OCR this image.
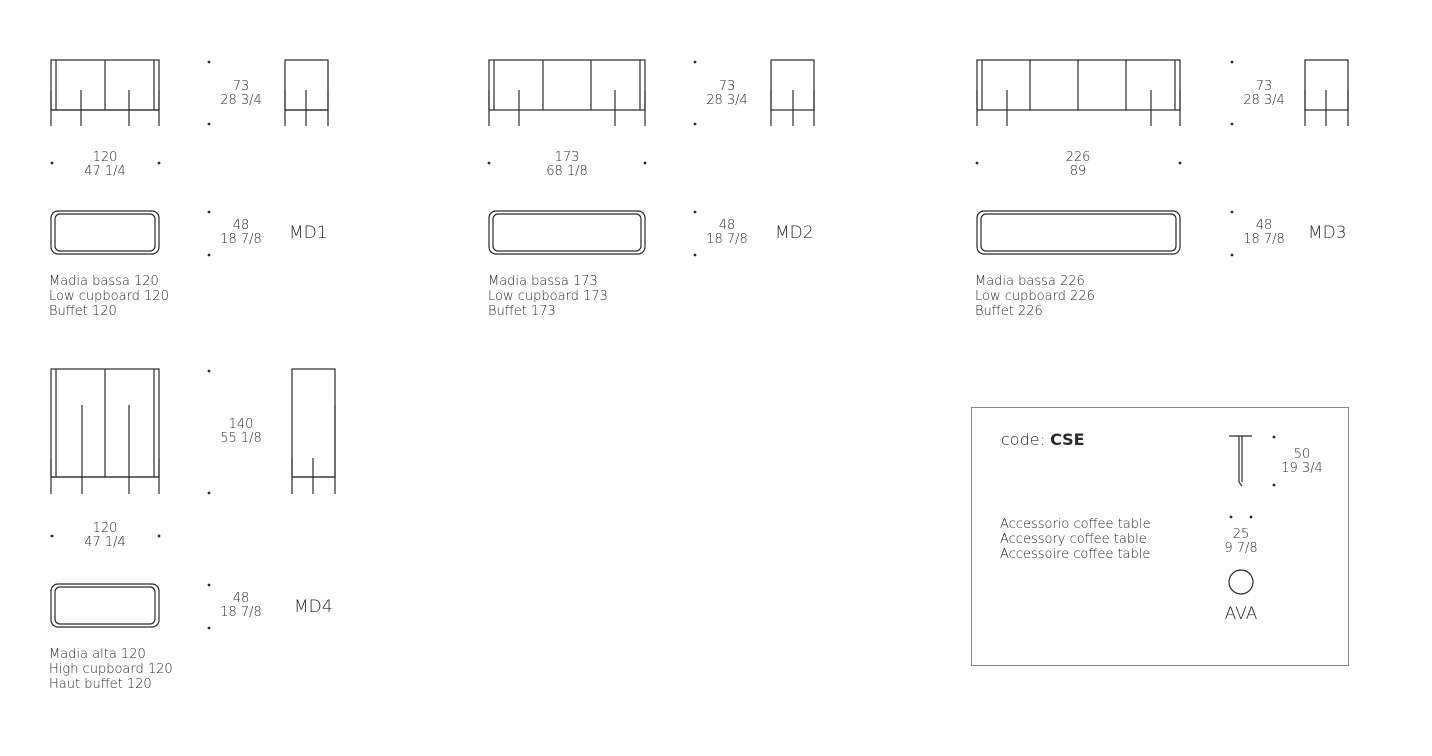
73
28 3/4
120
47 1/4
48
18 7/8	MD1
Madia bassa 120
Low cupboard 120
Buffet 120
73
28 3/4
173
68 1/8
48
18 7/8	MD2
Madia bassa 173
Low cupboard 173
Buffet 173
73
28 3/4
226
89
48
18 7/8	MD3
Madia bassa 226
Low cupboard 226
Buffet 226
140
55 1/8
120
47 1/4
48
18 7/8	MD4
Madia alta 120
High cupboard 120
Haut buffet 120
code: CSE
Accessorio coffee table
Accessory coffee table
Accessoire coffee table
50
19 3/4
25
9 7/8
AVA
